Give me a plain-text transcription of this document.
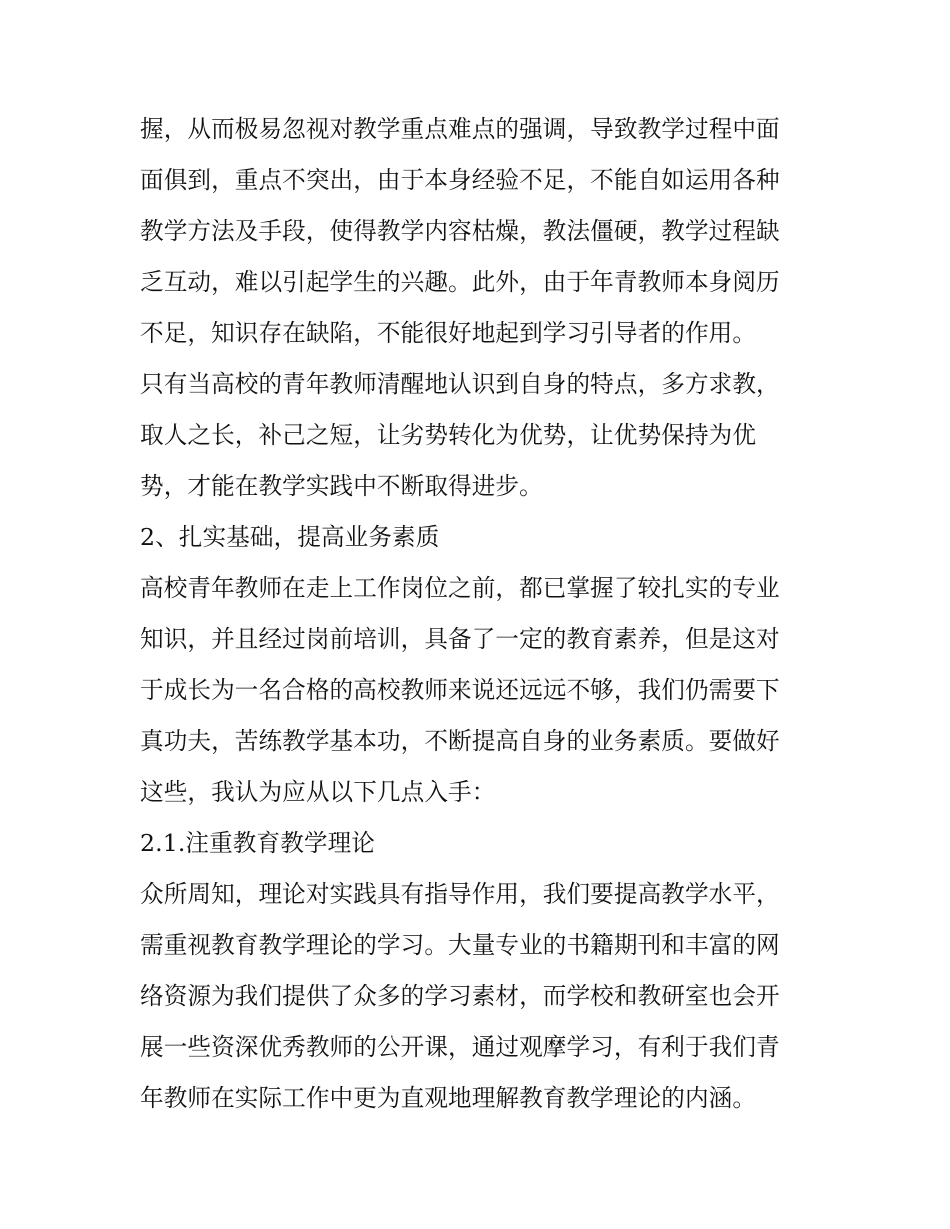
握，从而极易忽视对教学重点难点的强调，导致教学过程中面
面俱到，重点不突出，由于本身经验不足，不能自如运用各种
教学方法及手段，使得教学内容枯燥，教法僵硬，教学过程缺
乏互动，难以引起学生的兴趣。此外，由于年青教师本身阅历
不足，知识存在缺陷，不能很好地起到学习引导者的作用。
只有当高校的青年教师清醒地认识到自身的特点，多方求教，
取人之长，补己之短，让劣势转化为优势，让优势保持为优
势，才能在教学实践中不断取得进步。
2、扎实基础，提高业务素质
高校青年教师在走上工作岗位之前，都已掌握了较扎实的专业
知识，并且经过岗前培训，具备了一定的教育素养，但是这对
于成长为一名合格的高校教师来说还远远不够，我们仍需要下
真功夫，苦练教学基本功，不断提高自身的业务素质。要做好
这些，我认为应从以下几点入手：
2.1.注重教育教学理论
众所周知，理论对实践具有指导作用，我们要提高教学水平，
需重视教育教学理论的学习。大量专业的书籍期刊和丰富的网
络资源为我们提供了众多的学习素材，而学校和教研室也会开
展一些资深优秀教师的公开课，通过观摩学习，有利于我们青
年教师在实际工作中更为直观地理解教育教学理论的内涵。
